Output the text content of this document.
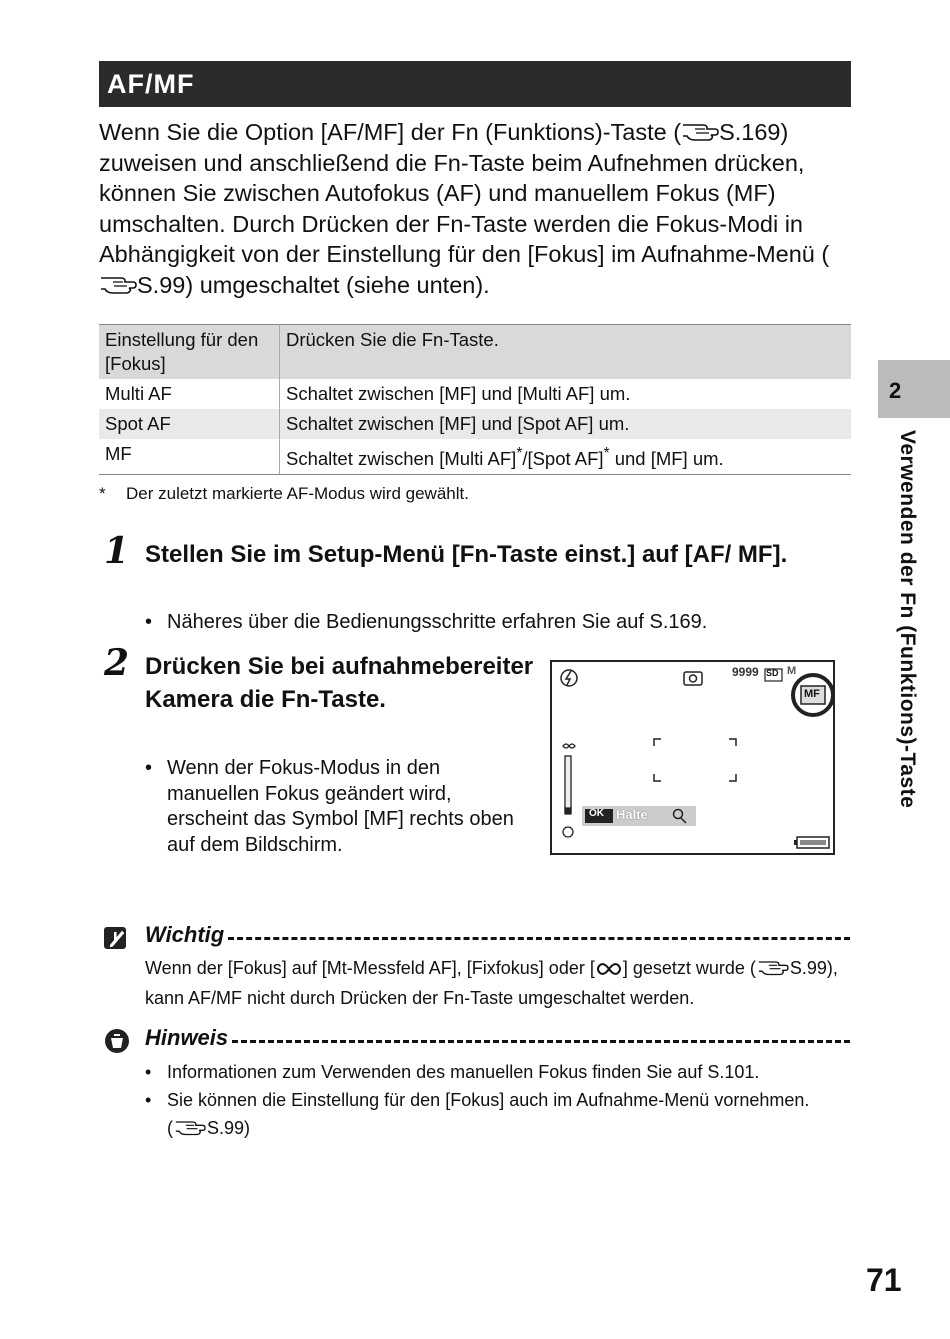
AF/MF
Wenn Sie die Option [AF/MF] der Fn (Funktions)-Taste ( S.169) zuweisen und anschließend die Fn-Taste beim Aufnehmen drücken, können Sie zwischen Autofokus (AF) und manuellem Fokus (MF) umschalten. Durch Drücken der Fn-Taste werden die Fokus-Modi in Abhängigkeit von der Einstellung für den [Fokus] im Aufnahme-Menü (S.99) umgeschaltet (siehe unten).
Einstellung für den [Fokus]	Drücken Sie die Fn-Taste.
Multi AF	Schaltet zwischen [MF] und [Multi AF] um.
Spot AF	Schaltet zwischen [MF] und [Spot AF] um.
MF	Schaltet zwischen [Multi AF]*/[Spot AF]* und [MF] um.
* Der zuletzt markierte AF-Modus wird gewählt.
1 Stellen Sie im Setup-Menü [Fn-Taste einst.] auf [AF/ MF].
• Näheres über die Bedienungsschritte erfahren Sie auf S.169.
2 Drücken Sie bei aufnahmebereiter Kamera die Fn-Taste.
• Wenn der Fokus-Modus in den manuellen Fokus geändert wird, erscheint das Symbol [MF] rechts oben auf dem Bildschirm.
9999 SD M
MF
OK Halte
2
Verwenden der Fn (Funktions)-Taste
Wichtig
Wenn der [Fokus] auf [Mt-Messfeld AF], [Fixfokus] oder [ ] gesetzt wurde ( S.99),
kann AF/MF nicht durch Drücken der Fn-Taste umgeschaltet werden.
Hinweis
• Informationen zum Verwenden des manuellen Fokus finden Sie auf S.101.
• Sie können die Einstellung für den [Fokus] auch im Aufnahme-Menü vornehmen.
( S.99)
71
